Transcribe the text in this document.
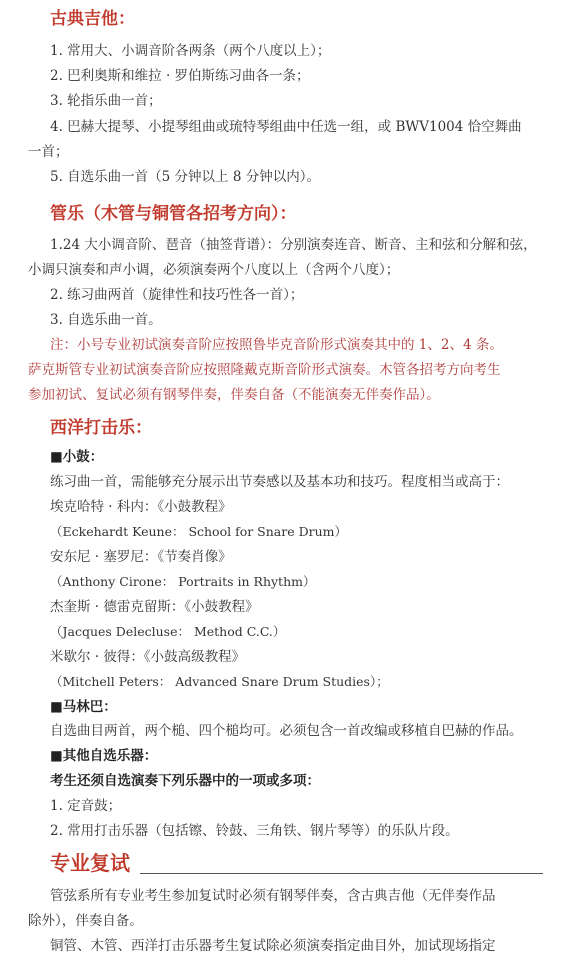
古典吉他：
1. 常用大、小调音阶各两条（两个八度以上）；
2. 巴利奥斯和维拉 · 罗伯斯练习曲各一条；
3. 轮指乐曲一首；
4. 巴赫大提琴、小提琴组曲或琉特琴组曲中任选一组，或 BWV1004 恰空舞曲
一首；
5. 自选乐曲一首（5 分钟以上 8 分钟以内）。
管乐（木管与铜管各招考方向）：
1.24 大小调音阶、琶音（抽签背谱）：分别演奏连音、断音、主和弦和分解和弦，
小调只演奏和声小调，必须演奏两个八度以上（含两个八度）；
2. 练习曲两首（旋律性和技巧性各一首）；
3. 自选乐曲一首。
注：小号专业初试演奏音阶应按照鲁毕克音阶形式演奏其中的 1、2、4 条。
萨克斯管专业初试演奏音阶应按照隆戴克斯音阶形式演奏。木管各招考方向考生
参加初试、复试必须有钢琴伴奏，伴奏自备（不能演奏无伴奏作品）。
西洋打击乐：
■小鼓：
练习曲一首，需能够充分展示出节奏感以及基本功和技巧。程度相当或高于：
埃克哈特 · 科内：《小鼓教程》
（Eckehardt Keune： School for Snare Drum）
安东尼 · 塞罗尼：《节奏肖像》
（Anthony Cirone： Portraits in Rhythm）
杰奎斯 · 德雷克留斯：《小鼓教程》
（Jacques Delecluse： Method C.C.）
米歇尔 · 彼得：《小鼓高级教程》
（Mitchell Peters： Advanced Snare Drum Studies）；
■马林巴：
自选曲目两首，两个槌、四个槌均可。必须包含一首改编或移植自巴赫的作品。
■其他自选乐器：
考生还须自选演奏下列乐器中的一项或多项：
1. 定音鼓；
2. 常用打击乐器（包括镲、铃鼓、三角铁、钢片琴等）的乐队片段。
专业复试
管弦系所有专业考生参加复试时必须有钢琴伴奏，含古典吉他（无伴奏作品
除外），伴奏自备。
铜管、木管、西洋打击乐器考生复试除必须演奏指定曲目外，加试现场指定
